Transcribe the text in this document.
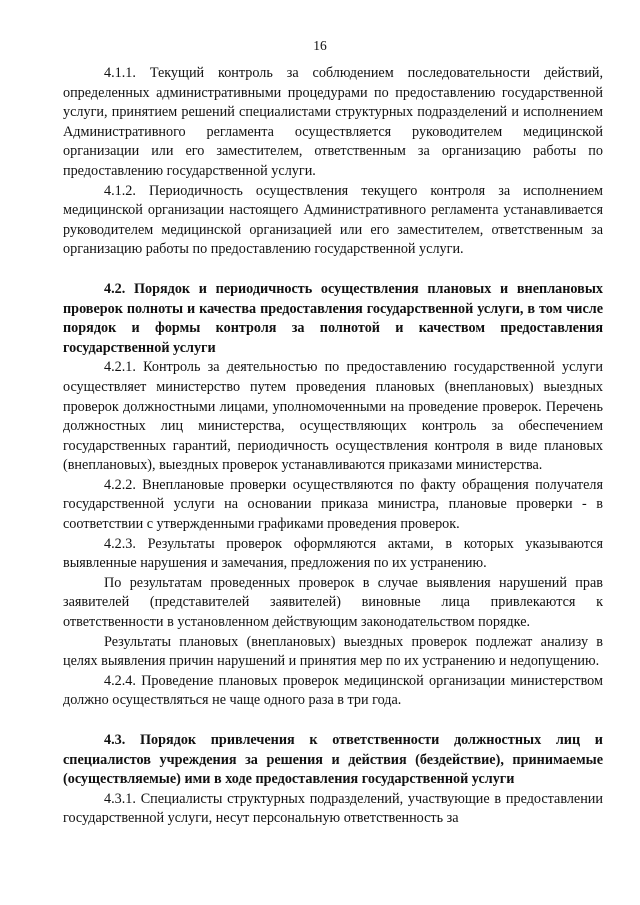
16

4.1.1. Текущий контроль за соблюдением последовательности действий, определенных административными процедурами по предоставлению государственной услуги, принятием решений специалистами структурных подразделений и исполнением Административного регламента осуществляется руководителем медицинской организации или его заместителем, ответственным за организацию работы по предоставлению государственной услуги.

4.1.2. Периодичность осуществления текущего контроля за исполнением медицинской организации настоящего Административного регламента устанавливается руководителем медицинской организацией или его заместителем, ответственным за организацию работы по предоставлению государственной услуги.

4.2. Порядок и периодичность осуществления плановых и внеплановых проверок полноты и качества предоставления государственной услуги, в том числе порядок и формы контроля за полнотой и качеством предоставления государственной услуги

4.2.1. Контроль за деятельностью по предоставлению государственной услуги осуществляет министерство путем проведения плановых (внеплановых) выездных проверок должностными лицами, уполномоченными на проведение проверок. Перечень должностных лиц министерства, осуществляющих контроль за обеспечением государственных гарантий, периодичность осуществления контроля в виде плановых (внеплановых), выездных проверок устанавливаются приказами министерства.

4.2.2. Внеплановые проверки осуществляются по факту обращения получателя государственной услуги на основании приказа министра, плановые проверки - в соответствии с утвержденными графиками проведения проверок.

4.2.3. Результаты проверок оформляются актами, в которых указываются выявленные нарушения и замечания, предложения по их устранению.

По результатам проведенных проверок в случае выявления нарушений прав заявителей (представителей заявителей) виновные лица привлекаются к ответственности в установленном действующим законодательством порядке.

Результаты плановых (внеплановых) выездных проверок подлежат анализу в целях выявления причин нарушений и принятия мер по их устранению и недопущению.

4.2.4. Проведение плановых проверок медицинской организации министерством должно осуществляться не чаще одного раза в три года.

4.3. Порядок привлечения к ответственности должностных лиц и специалистов учреждения за решения и действия (бездействие), принимаемые (осуществляемые) ими в ходе предоставления государственной услуги

4.3.1. Специалисты структурных подразделений, участвующие в предоставлении государственной услуги, несут персональную ответственность за
